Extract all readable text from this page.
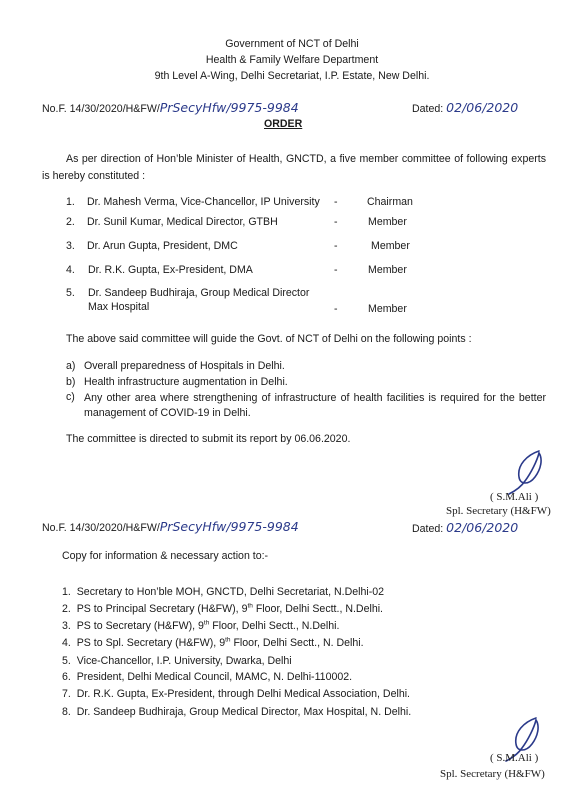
Government of NCT of Delhi
Health & Family Welfare Department
9th Level A-Wing, Delhi Secretariat, I.P. Estate, New Delhi.
No.F. 14/30/2020/H&FW/PrSecyHfw/9975-9984	Dated: 02/06/2020
ORDER
As per direction of Hon’ble Minister of Health, GNCTD, a five member committee of following experts is hereby constituted :
1. Dr. Mahesh Verma, Vice-Chancellor, IP University -	Chairman
2. Dr. Sunil Kumar, Medical Director, GTBH	-	Member
3. Dr. Arun Gupta, President, DMC	-	Member
4. Dr. R.K. Gupta, Ex-President, DMA	-	Member
5. Dr. Sandeep Budhiraja, Group Medical Director
Max Hospital	-	Member
The above said committee will guide the Govt. of NCT of Delhi on the following points :
a) Overall preparedness of Hospitals in Delhi.
b) Health infrastructure augmentation in Delhi.
c) Any other area where strengthening of infrastructure of health facilities is required for the better management of COVID-19 in Delhi.
The committee is directed to submit its report by 06.06.2020.
( S.M.Ali )
Spl. Secretary (H&FW)
No.F. 14/30/2020/H&FW/PrSecyHfw/9975-9984	Dated: 02/06/2020
Copy for information & necessary action to:-
1. Secretary to Hon’ble MOH, GNCTD, Delhi Secretariat, N.Delhi-02
2. PS to Principal Secretary (H&FW), 9th Floor, Delhi Sectt., N.Delhi.
3. PS to Secretary (H&FW), 9th Floor, Delhi Sectt., N.Delhi.
4. PS to Spl. Secretary (H&FW), 9th Floor, Delhi Sectt., N. Delhi.
5. Vice-Chancellor, I.P. University, Dwarka, Delhi
6. President, Delhi Medical Council, MAMC, N. Delhi-110002.
7. Dr. R.K. Gupta, Ex-President, through Delhi Medical Association, Delhi.
8. Dr. Sandeep Budhiraja, Group Medical Director, Max Hospital, N. Delhi.
( S.M.Ali )
Spl. Secretary (H&FW)
